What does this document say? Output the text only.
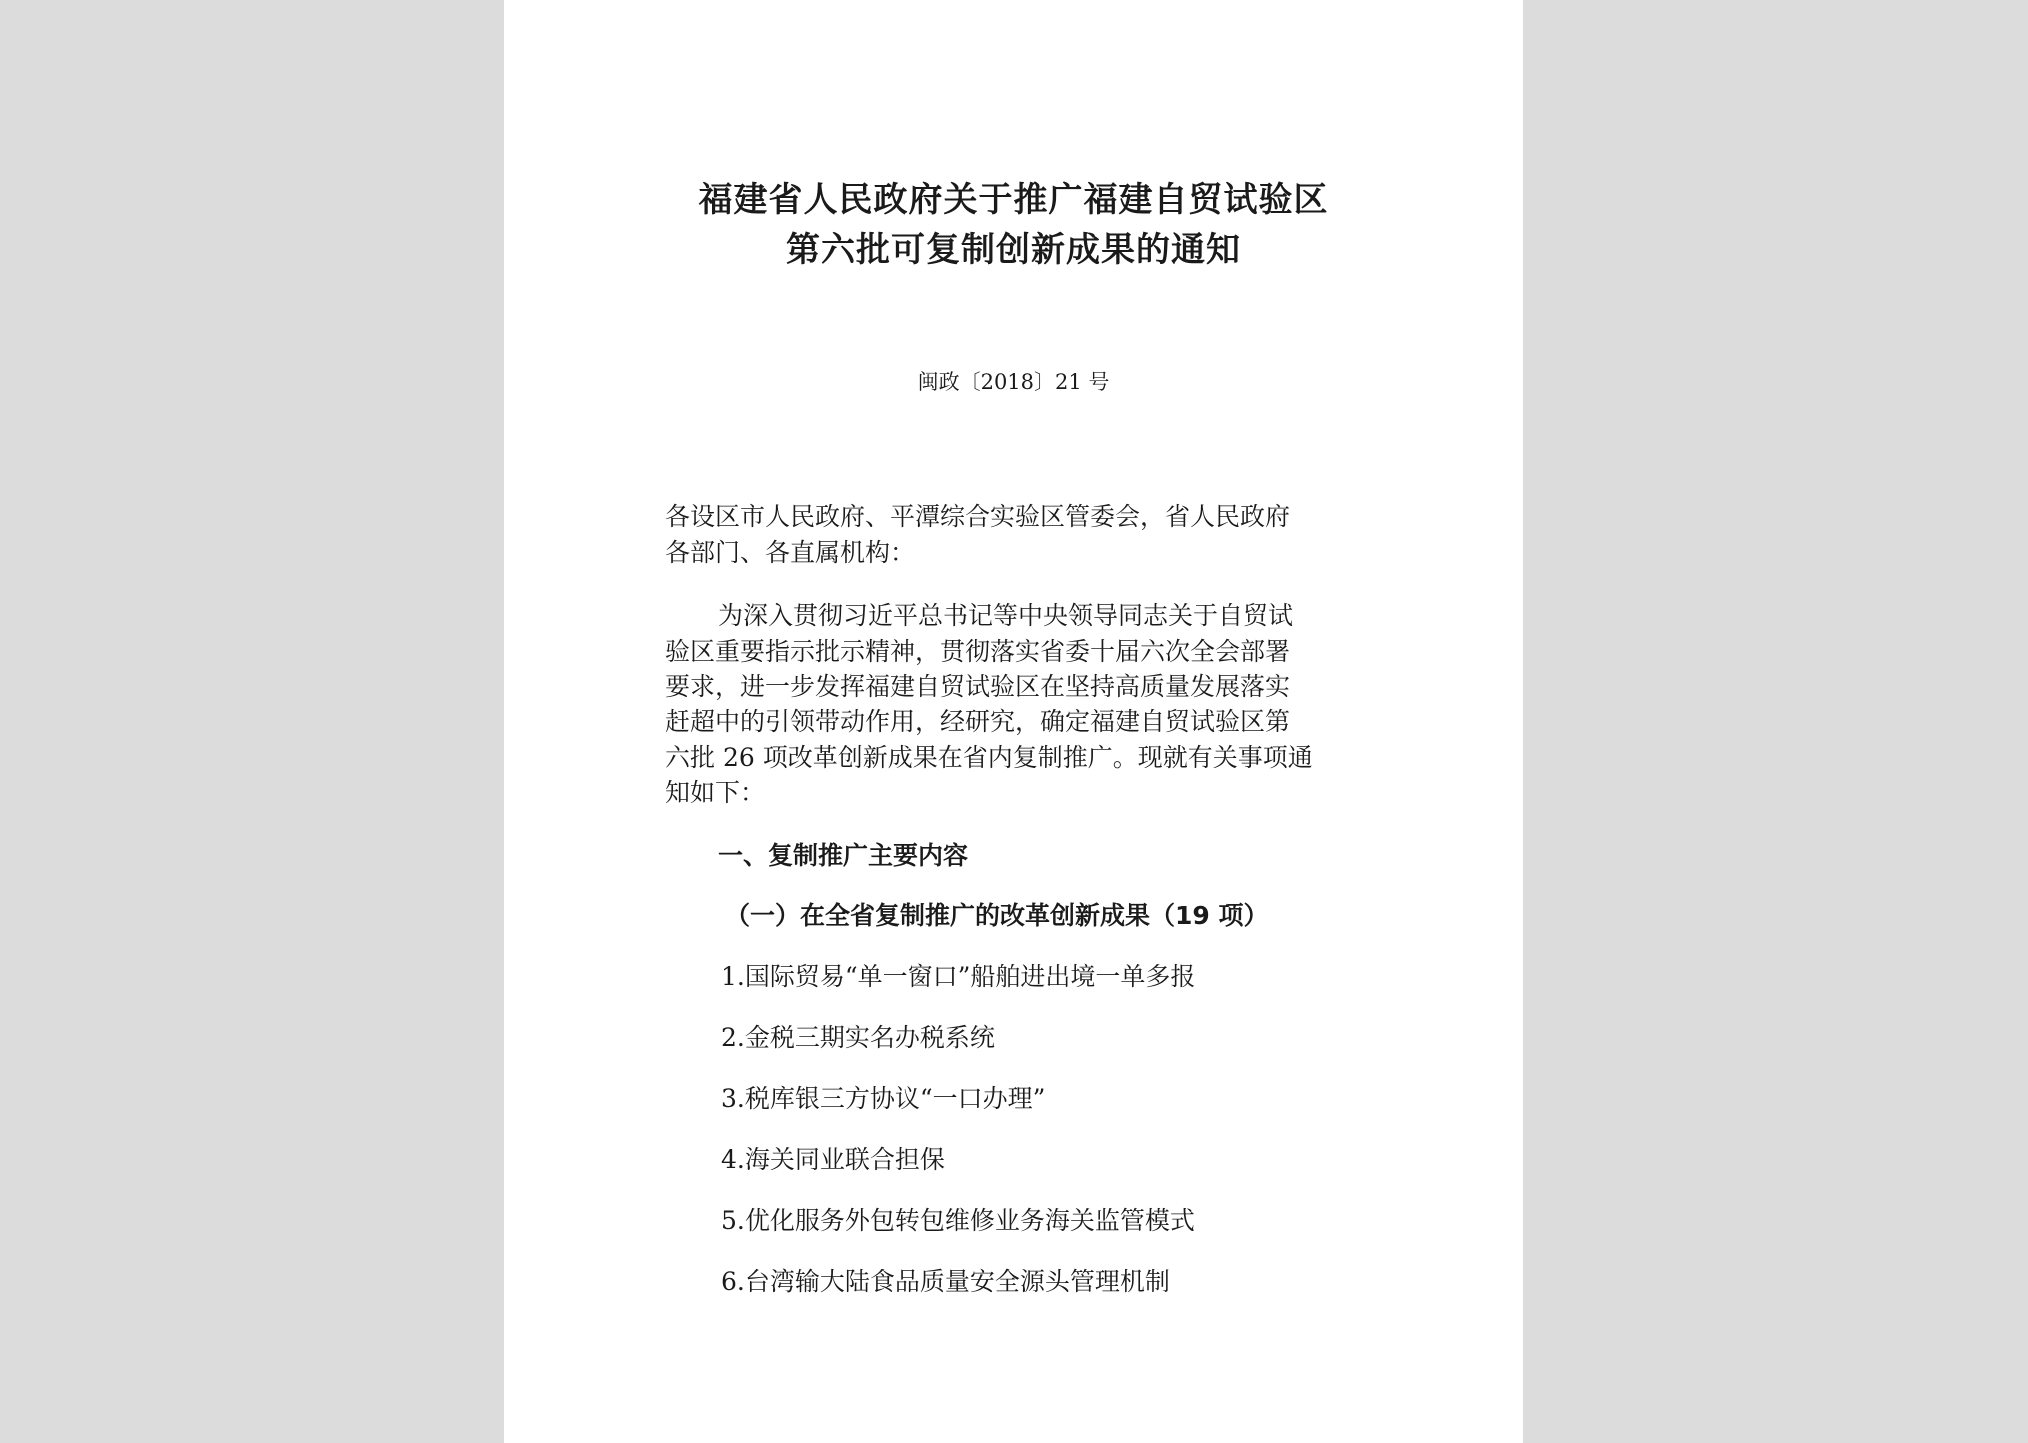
福建省人民政府关于推广福建自贸试验区
第六批可复制创新成果的通知
闽政〔2018〕21 号
各设区市人民政府、平潭综合实验区管委会，省人民政府
各部门、各直属机构：
为深入贯彻习近平总书记等中央领导同志关于自贸试
验区重要指示批示精神，贯彻落实省委十届六次全会部署
要求，进一步发挥福建自贸试验区在坚持高质量发展落实
赶超中的引领带动作用，经研究，确定福建自贸试验区第
六批 26 项改革创新成果在省内复制推广。现就有关事项通
知如下：
一、复制推广主要内容
（一）在全省复制推广的改革创新成果（19 项）
1.国际贸易“单一窗口”船舶进出境一单多报
2.金税三期实名办税系统
3.税库银三方协议“一口办理”
4.海关同业联合担保
5.优化服务外包转包维修业务海关监管模式
6.台湾输大陆食品质量安全源头管理机制
